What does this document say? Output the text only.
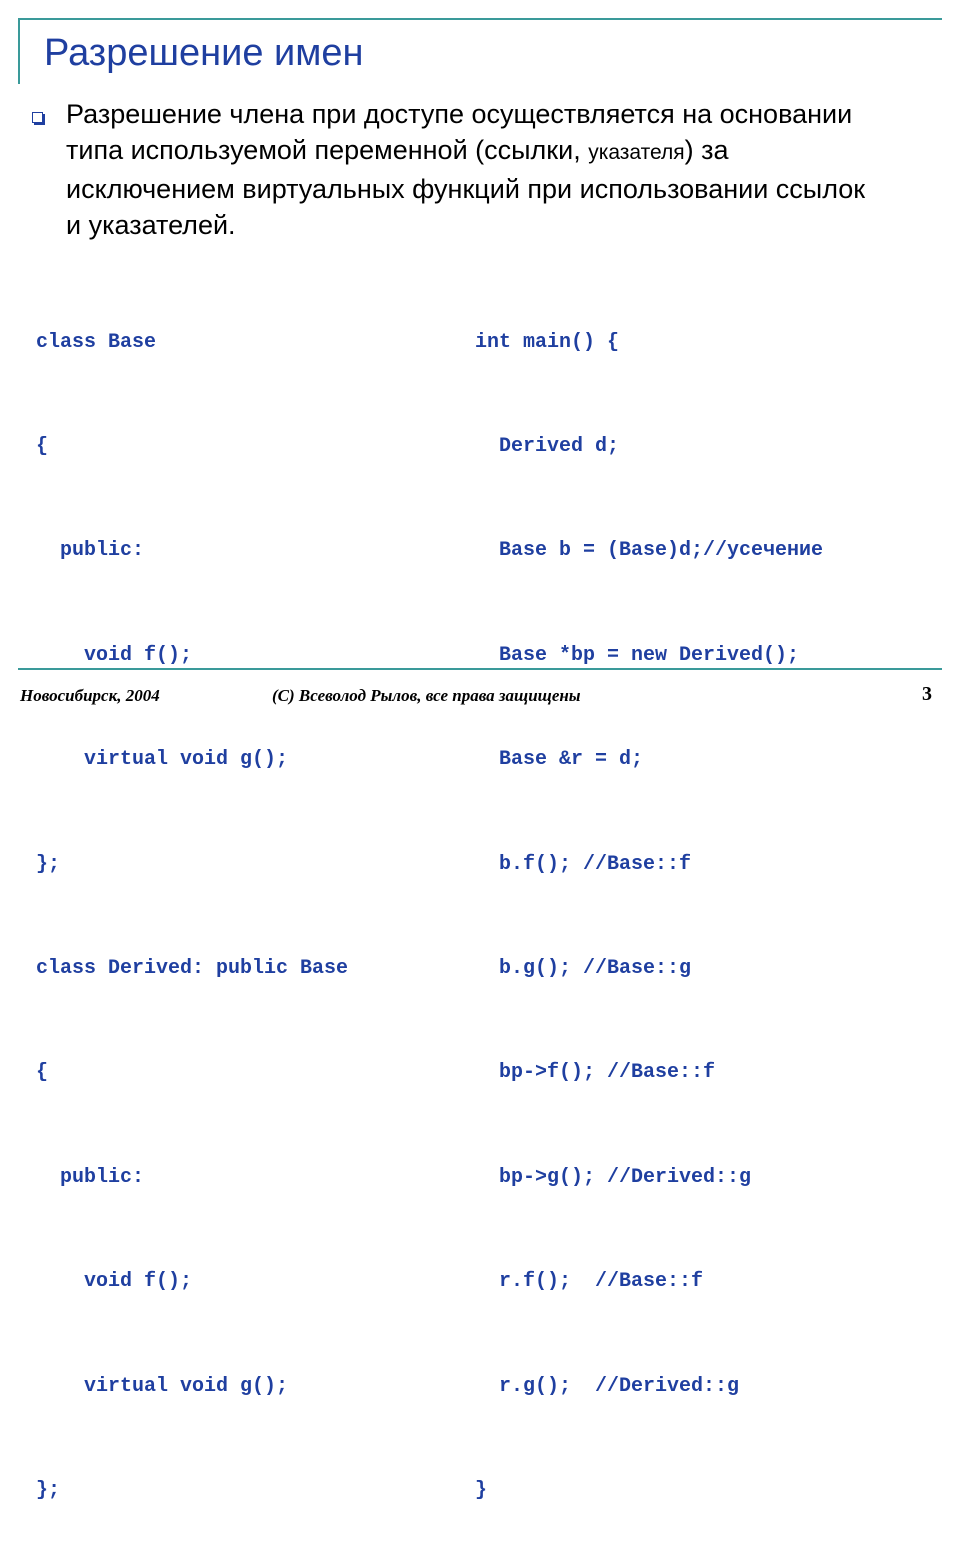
Разрешение имен

Разрешение члена при доступе осуществляется на основании типа используемой переменной (ссылки, указателя) за исключением виртуальных функций при использовании ссылок и указателей.

class Base

{

public:

void f();

virtual void g();

};

class Derived: public Base

{

public:

void f();

virtual void g();

};

int main() {

Derived d;

Base b = (Base)d;//усечение

Base *bp = new Derived();

Base &r = d;

b.f(); //Base::f

b.g(); //Base::g

bp->f(); //Base::f

bp->g(); //Derived::g

r.f();  //Base::f

r.g();  //Derived::g

}

Новосибирск, 2004	(С) Всеволод Рылов, все права защищены	3
